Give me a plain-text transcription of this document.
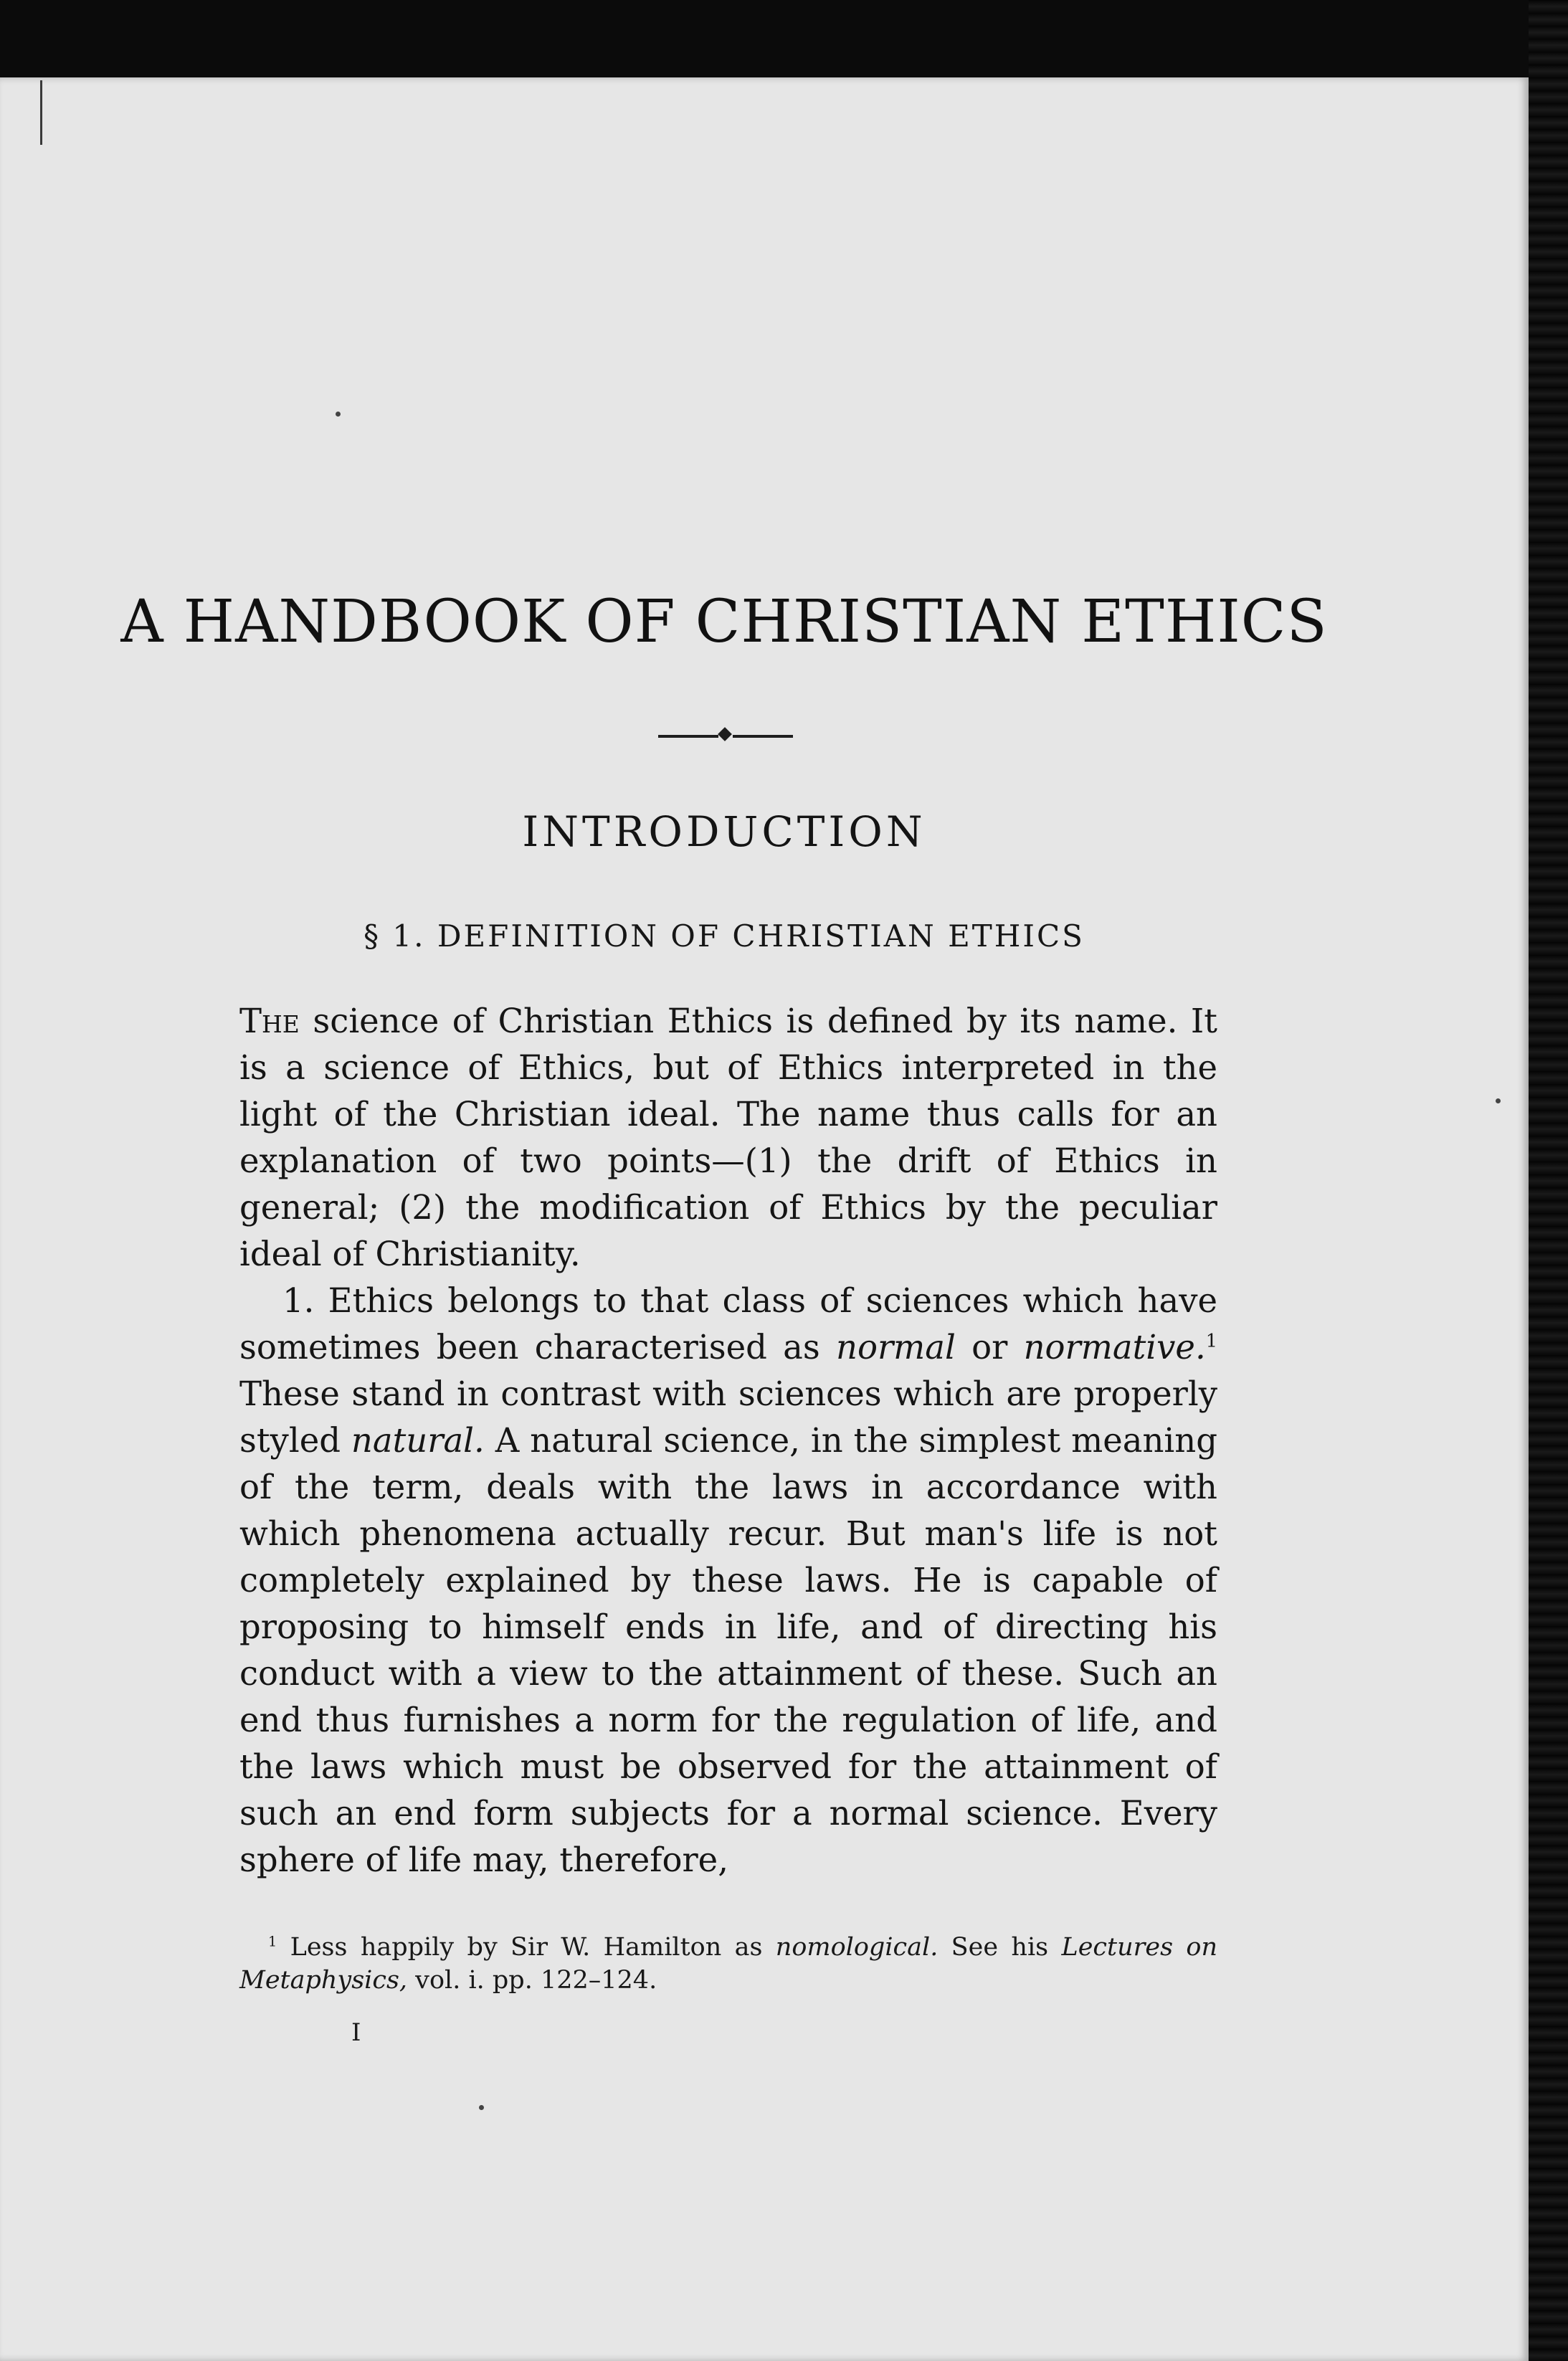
A HANDBOOK OF CHRISTIAN ETHICS
INTRODUCTION
§ 1. DEFINITION OF CHRISTIAN ETHICS

The science of Christian Ethics is defined by its name. It is a science of Ethics, but of Ethics interpreted in the light of the Christian ideal. The name thus calls for an explanation of two points—(1) the drift of Ethics in general; (2) the modification of Ethics by the peculiar ideal of Christianity.

1. Ethics belongs to that class of sciences which have sometimes been characterised as normal or normative.$^1$ These stand in contrast with sciences which are properly styled natural. A natural science, in the simplest meaning of the term, deals with the laws in accordance with which phenomena actually recur. But man's life is not completely explained by these laws. He is capable of proposing to himself ends in life, and of directing his conduct with a view to the attainment of these. Such an end thus furnishes a norm for the regulation of life, and the laws which must be observed for the attainment of such an end form subjects for a normal science. Every sphere of life may, therefore,

$^1$ Less happily by Sir W. Hamilton as nomological. See his Lectures on Metaphysics, vol. i. pp. 122–124.

I
